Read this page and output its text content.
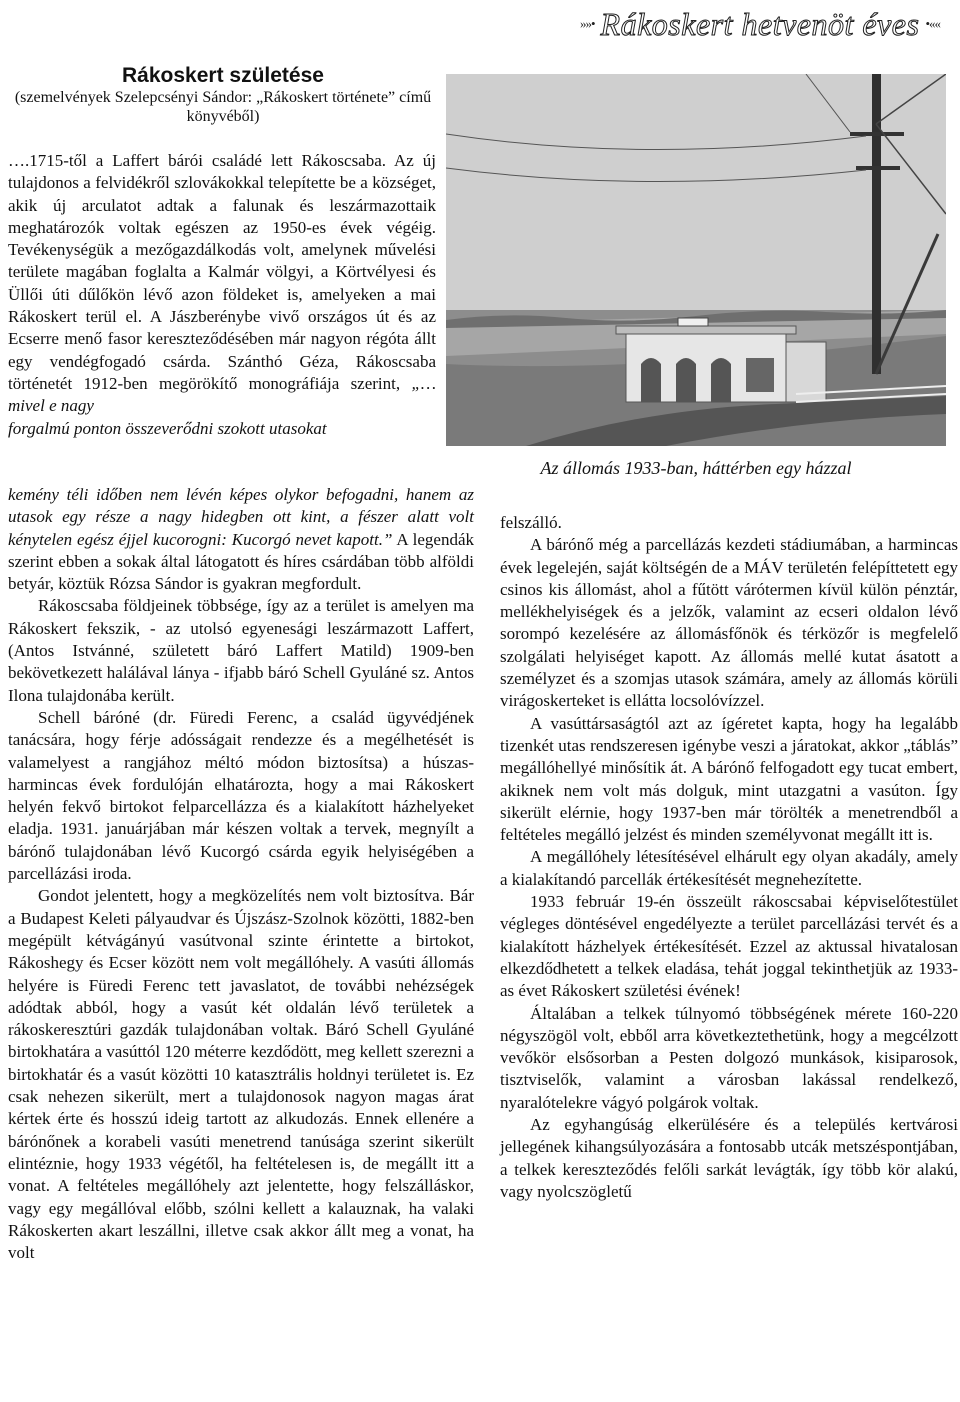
»»• Rákoskert hetvenöt éves •««
Rákoskert születése
(szemelvények Szelepcsényi Sándor: „Rákoskert története” című könyvéből)

….1715-től a Laffert bárói családé lett Rákoscsaba. Az új tulajdonos a felvidékről szlovákokkal telepítette be a községet, akik új arculatot adtak a falunak és leszármazottaik meghatározók voltak egészen az 1950-es évek végéig. Tevékenységük a mezőgazdálkodás volt, amelynek művelési területe magában foglalta a Kalmár völgyi, a Körtvélyesi és Üllői úti dűlőkön lévő azon földeket is, amelyeken a mai Rákoskert terül el. A Jászberénybe vivő országos út és az Ecserre menő fasor kereszteződésében már nagyon régóta állt egy vendégfogadó csárda. Szánthó Géza, Rákoscsaba történetét 1912-ben megörökítő monográfiája szerint, „…mivel e nagy

forgalmú ponton összeverődni szokott utasokat

kemény téli időben nem lévén képes olykor befogadni, hanem az utasok egy része a nagy hidegben ott kint, a fészer alatt volt kénytelen egész éjjel kucorogni: Kucorgó nevet kapott.” A legendák szerint ebben a sokak által látogatott és híres csárdában több alföldi betyár, köztük Rózsa Sándor is gyakran megfordult.

Rákoscsaba földjeinek többsége, így az a terület is amelyen ma Rákoskert fekszik, - az utolsó egyenesági leszármazott Laffert, (Antos Istvánné, született báró Laffert Matild) 1909-ben bekövetkezett halálával lánya - ifjabb báró Schell Gyuláné sz. Antos Ilona tulajdonába került.

Schell báróné (dr. Füredi Ferenc, a család ügyvédjének tanácsára, hogy férje adósságait rendezze és a megélhetését is valamelyest a rangjához méltó módon biztosítsa) a húszas-harmincas évek fordulóján elhatározta, hogy a mai Rákoskert helyén fekvő birtokot felparcellázza és a kialakított házhelyeket eladja. 1931. januárjában már készen voltak a tervek, megnyílt a bárónő tulajdonában lévő Kucorgó csárda egyik helyiségében a parcellázási iroda.

Gondot jelentett, hogy a megközelítés nem volt biztosítva. Bár a Budapest Keleti pályaudvar és Újszász-Szolnok közötti, 1882-ben megépült kétvágányú vasútvonal szinte érintette a birtokot, Rákoshegy és Ecser között nem volt megállóhely. A vasúti állomás helyére is Füredi Ferenc tett javaslatot, de további nehézségek adódtak abból, hogy a vasút két oldalán lévő területek a rákoskeresztúri gazdák tulajdonában voltak. Báró Schell Gyuláné birtokhatára a vasúttól 120 méterre kezdődött, meg kellett szerezni a birtokhatár és a vasút közötti 10 katasztrális holdnyi területet is. Ez csak nehezen sikerült, mert a tulajdonosok nagyon magas árat kértek érte és hosszú ideig tartott az alkudozás. Ennek ellenére a bárónőnek a korabeli vasúti menetrend tanúsága szerint sikerült elintéznie, hogy 1933 végétől, ha feltételesen is, de megállt itt a vonat. A feltételes megállóhely azt jelentette, hogy felszálláskor, vagy egy megállóval előbb, szólni kellett a kalauznak, ha valaki Rákoskerten akart leszállni, illetve csak akkor állt meg a vonat, ha volt

Az állomás 1933-ban, háttérben egy házzal

felszálló.

A bárónő még a parcellázás kezdeti stádiumában, a harmincas évek legelején, saját költségén de a MÁV területén felépíttetett egy csinos kis állomást, ahol a fűtött várótermen kívül külön pénztár, mellékhelyiségek és a jelzők, valamint az ecseri oldalon lévő sorompó kezelésére az állomásfőnök és térközőr is megfelelő szolgálati helyiséget kapott. Az állomás mellé kutat ásatott a személyzet és a szomjas utasok számára, amely az állomás körüli virágoskerteket is ellátta locsolóvízzel.

A vasúttársaságtól azt az ígéretet kapta, hogy ha legalább tizenkét utas rendszeresen igénybe veszi a járatokat, akkor „táblás” megállóhellyé minősítik át. A bárónő felfogadott egy tucat embert, akiknek nem volt más dolguk, mint utazgatni a vasúton. Így sikerült elérnie, hogy 1937-ben már törölték a menetrendből a feltételes megálló jelzést és minden személyvonat megállt itt is.

A megállóhely létesítésével elhárult egy olyan akadály, amely a kialakítandó parcellák értékesítését megnehezítette.

1933 február 19-én összeült rákoscsabai képviselőtestület végleges döntésével engedélyezte a terület parcellázási tervét és a kialakított házhelyek értékesítését. Ezzel az aktussal hivatalosan elkezdődhetett a telkek eladása, tehát joggal tekinthetjük az 1933-as évet Rákoskert születési évének!

Általában a telkek túlnyomó többségének mérete 160-220 négyszögöl volt, ebből arra következtethetünk, hogy a megcélzott vevőkör elsősorban a Pesten dolgozó munkások, kisiparosok, tisztviselők, valamint a városban lakással rendelkező, nyaralótelekre vágyó polgárok voltak.

Az egyhangúság elkerülésére és a település kertvárosi jellegének kihangsúlyozására a fontosabb utcák metszéspontjában, a telkek kereszteződés felőli sarkát levágták, így több kör alakú, vagy nyolcszögletű
